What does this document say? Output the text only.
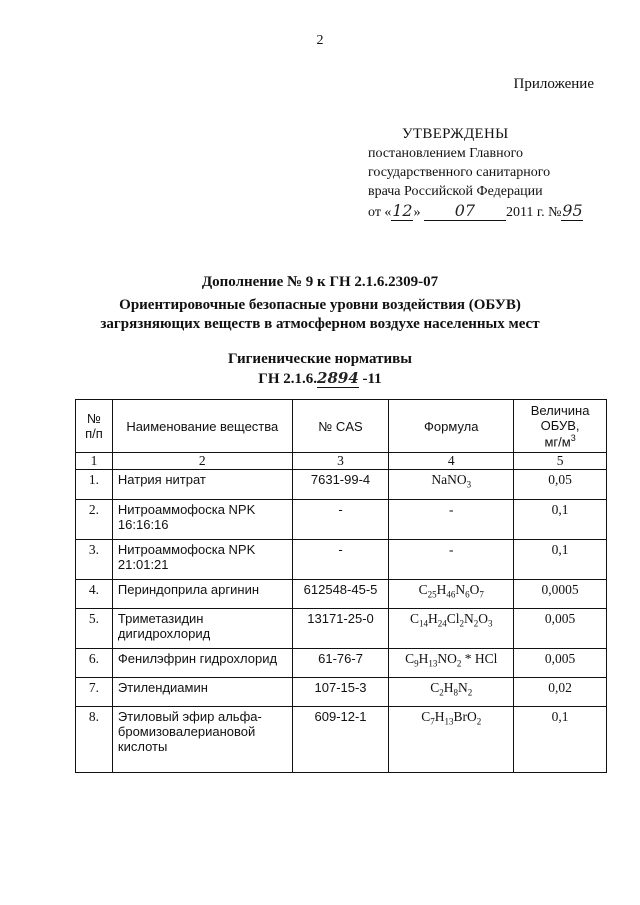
2
Приложение
УТВЕРЖДЕНЫ
постановлением Главного
государственного санитарного
врача Российской Федерации
от «12» 07 2011 г. №95
Дополнение № 9 к ГН 2.1.6.2309-07
Ориентировочные безопасные уровни воздействия (ОБУВ)
загрязняющих веществ в атмосферном воздухе населенных мест
Гигиенические нормативы
ГН 2.1.6.2894 -11
№ п/п	Наименование вещества	№ CAS	Формула	Величина ОБУВ,
$мг/м^3$
1	2	3	4	5
1.	Натрия нитрат	7631-99-4	NaNO$_3$	0,05
2.	Нитроаммофоска NPK 16:16:16	-	-	0,1
3.	Нитроаммофоска NPK 21:01:21	-	-	0,1
4.	Периндоприла аргинин	612548-45-5	$C_{25}H_{46}N_6O_7$	0,0005
5.	Триметазидин дигидрохлорид	13171-25-0	$C_{14}H_{24}Cl_2N_2O_3$	0,005
6.	Фенилэфрин гидрохлорид	61-76-7	$C_9H_{13}NO_2$ * HCl	0,005
7.	Этилендиамин	107-15-3	$C_2H_8N_2$	0,02
8.	Этиловый эфир альфа-бромизовалериановой кислоты	609-12-1	$C_7H_{13}BrO_2$	0,1
